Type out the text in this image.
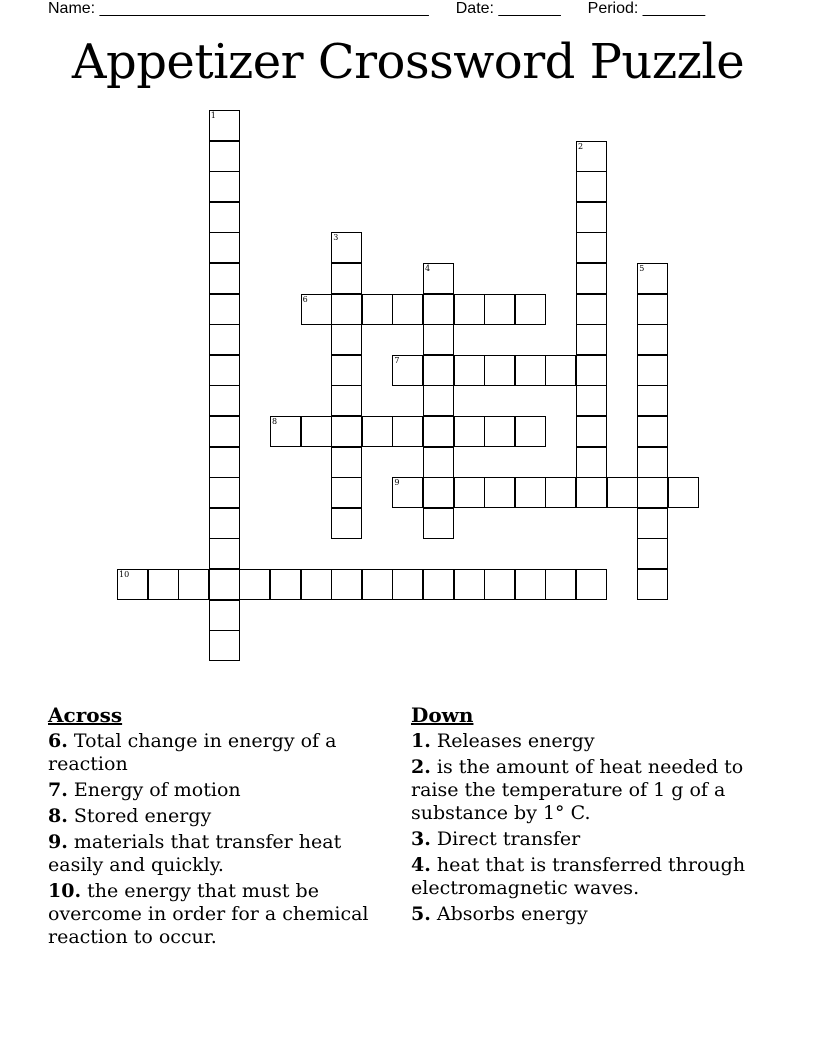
Name: _____________________________________ Date: _______ Period: _______
Appetizer Crossword Puzzle
1
2
3
4	5
6
7
8
9
10
Across
6. Total change in energy of a reaction
7. Energy of motion
8. Stored energy
9. materials that transfer heat easily and quickly.
10. the energy that must be overcome in order for a chemical reaction to occur.
Down
1. Releases energy
2. is the amount of heat needed to raise the temperature of 1 g of a substance by 1° C.
3. Direct transfer
4. heat that is transferred through electromagnetic waves.
5. Absorbs energy
